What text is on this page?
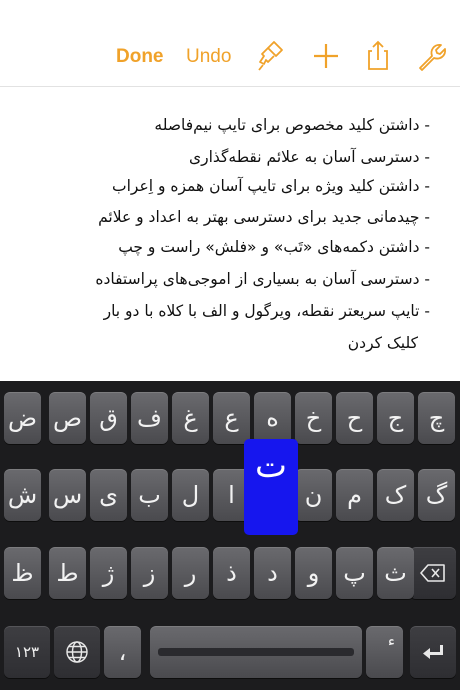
Done Undo
- داشتن کلید مخصوص برای تایپ نیم‌فاصله
- دسترسی آسان به علائم نقطه‌گذاری
- داشتن کلید ویژه برای تایپ آسان همزه و اِعراب
- چیدمانی جدید برای دسترسی بهتر به اعداد و علائم
- داشتن دکمه‌های «تَب» و «فلش» راست و چپ
- دسترسی آسان به بسیاری از اموجی‌های پراستفاده
- تایپ سریعتر نقطه، ویرگول و الف با کلاه با دو بار
کلیک کردن
چ
ج
ح
خ
ه
ع
غ
ف
ق
ص
ض
گ
ک
م
ن
ا
ل
ب
ی
س
ش
ث
پ
و
د
ذ
ر
ز
ژ
ط
ظ
۱۲۳	،
ت
